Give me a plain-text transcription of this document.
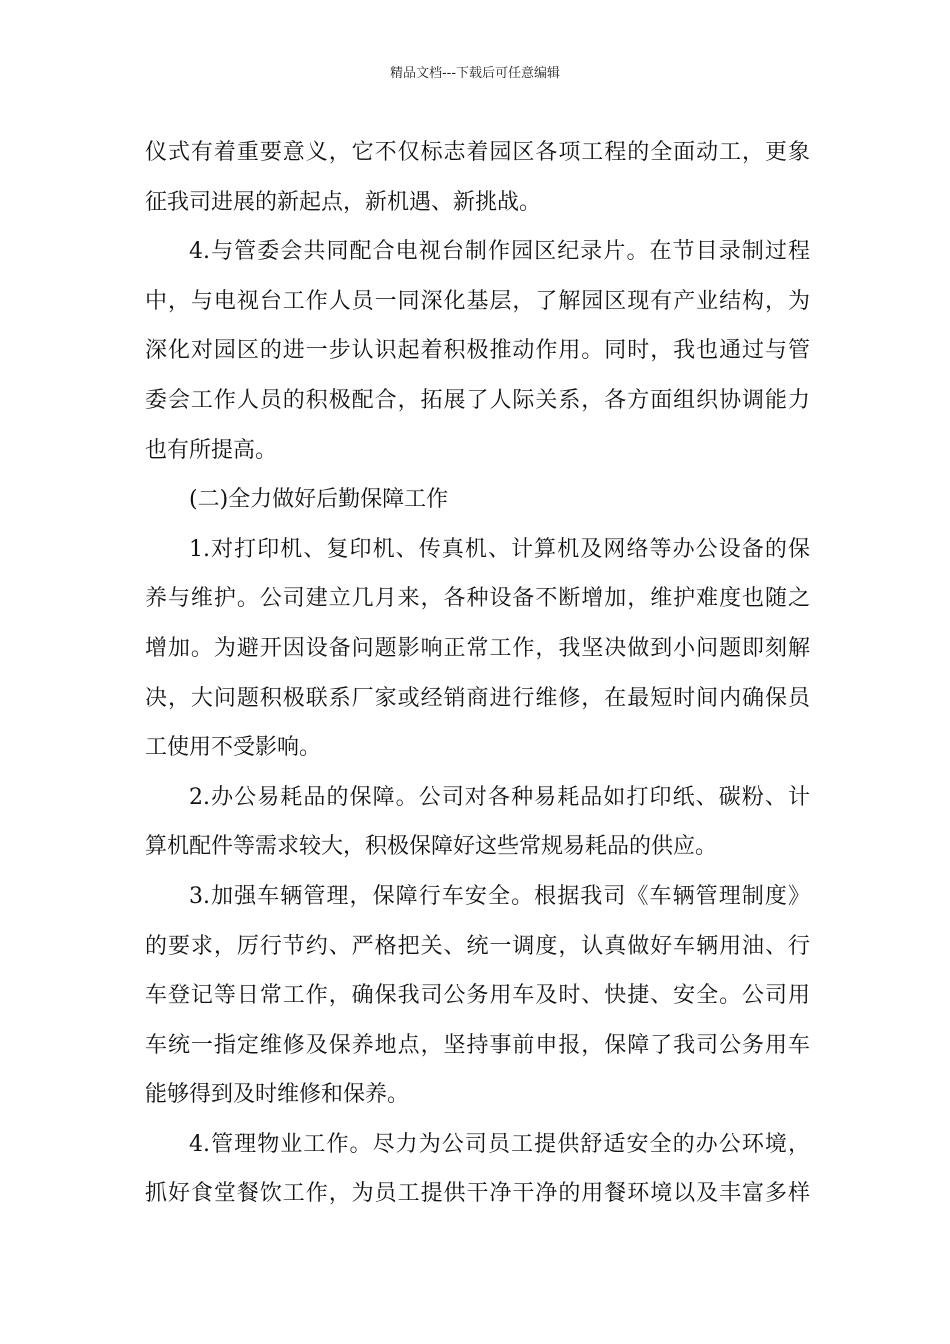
精品文档---下载后可任意编辑
仪式有着重要意义，它不仅标志着园区各项工程的全面动工，更象
征我司进展的新起点，新机遇、新挑战。
4.与管委会共同配合电视台制作园区纪录片。在节目录制过程
中，与电视台工作人员一同深化基层，了解园区现有产业结构，为
深化对园区的进一步认识起着积极推动作用。同时，我也通过与管
委会工作人员的积极配合，拓展了人际关系，各方面组织协调能力
也有所提高。
(二)全力做好后勤保障工作
1.对打印机、复印机、传真机、计算机及网络等办公设备的保
养与维护。公司建立几月来，各种设备不断增加，维护难度也随之
增加。为避开因设备问题影响正常工作，我坚决做到小问题即刻解
决，大问题积极联系厂家或经销商进行维修，在最短时间内确保员
工使用不受影响。
2.办公易耗品的保障。公司对各种易耗品如打印纸、碳粉、计
算机配件等需求较大，积极保障好这些常规易耗品的供应。
3.加强车辆管理，保障行车安全。根据我司《车辆管理制度》
的要求，厉行节约、严格把关、统一调度，认真做好车辆用油、行
车登记等日常工作，确保我司公务用车及时、快捷、安全。公司用
车统一指定维修及保养地点，坚持事前申报，保障了我司公务用车
能够得到及时维修和保养。
4.管理物业工作。尽力为公司员工提供舒适安全的办公环境，
抓好食堂餐饮工作，为员工提供干净干净的用餐环境以及丰富多样
